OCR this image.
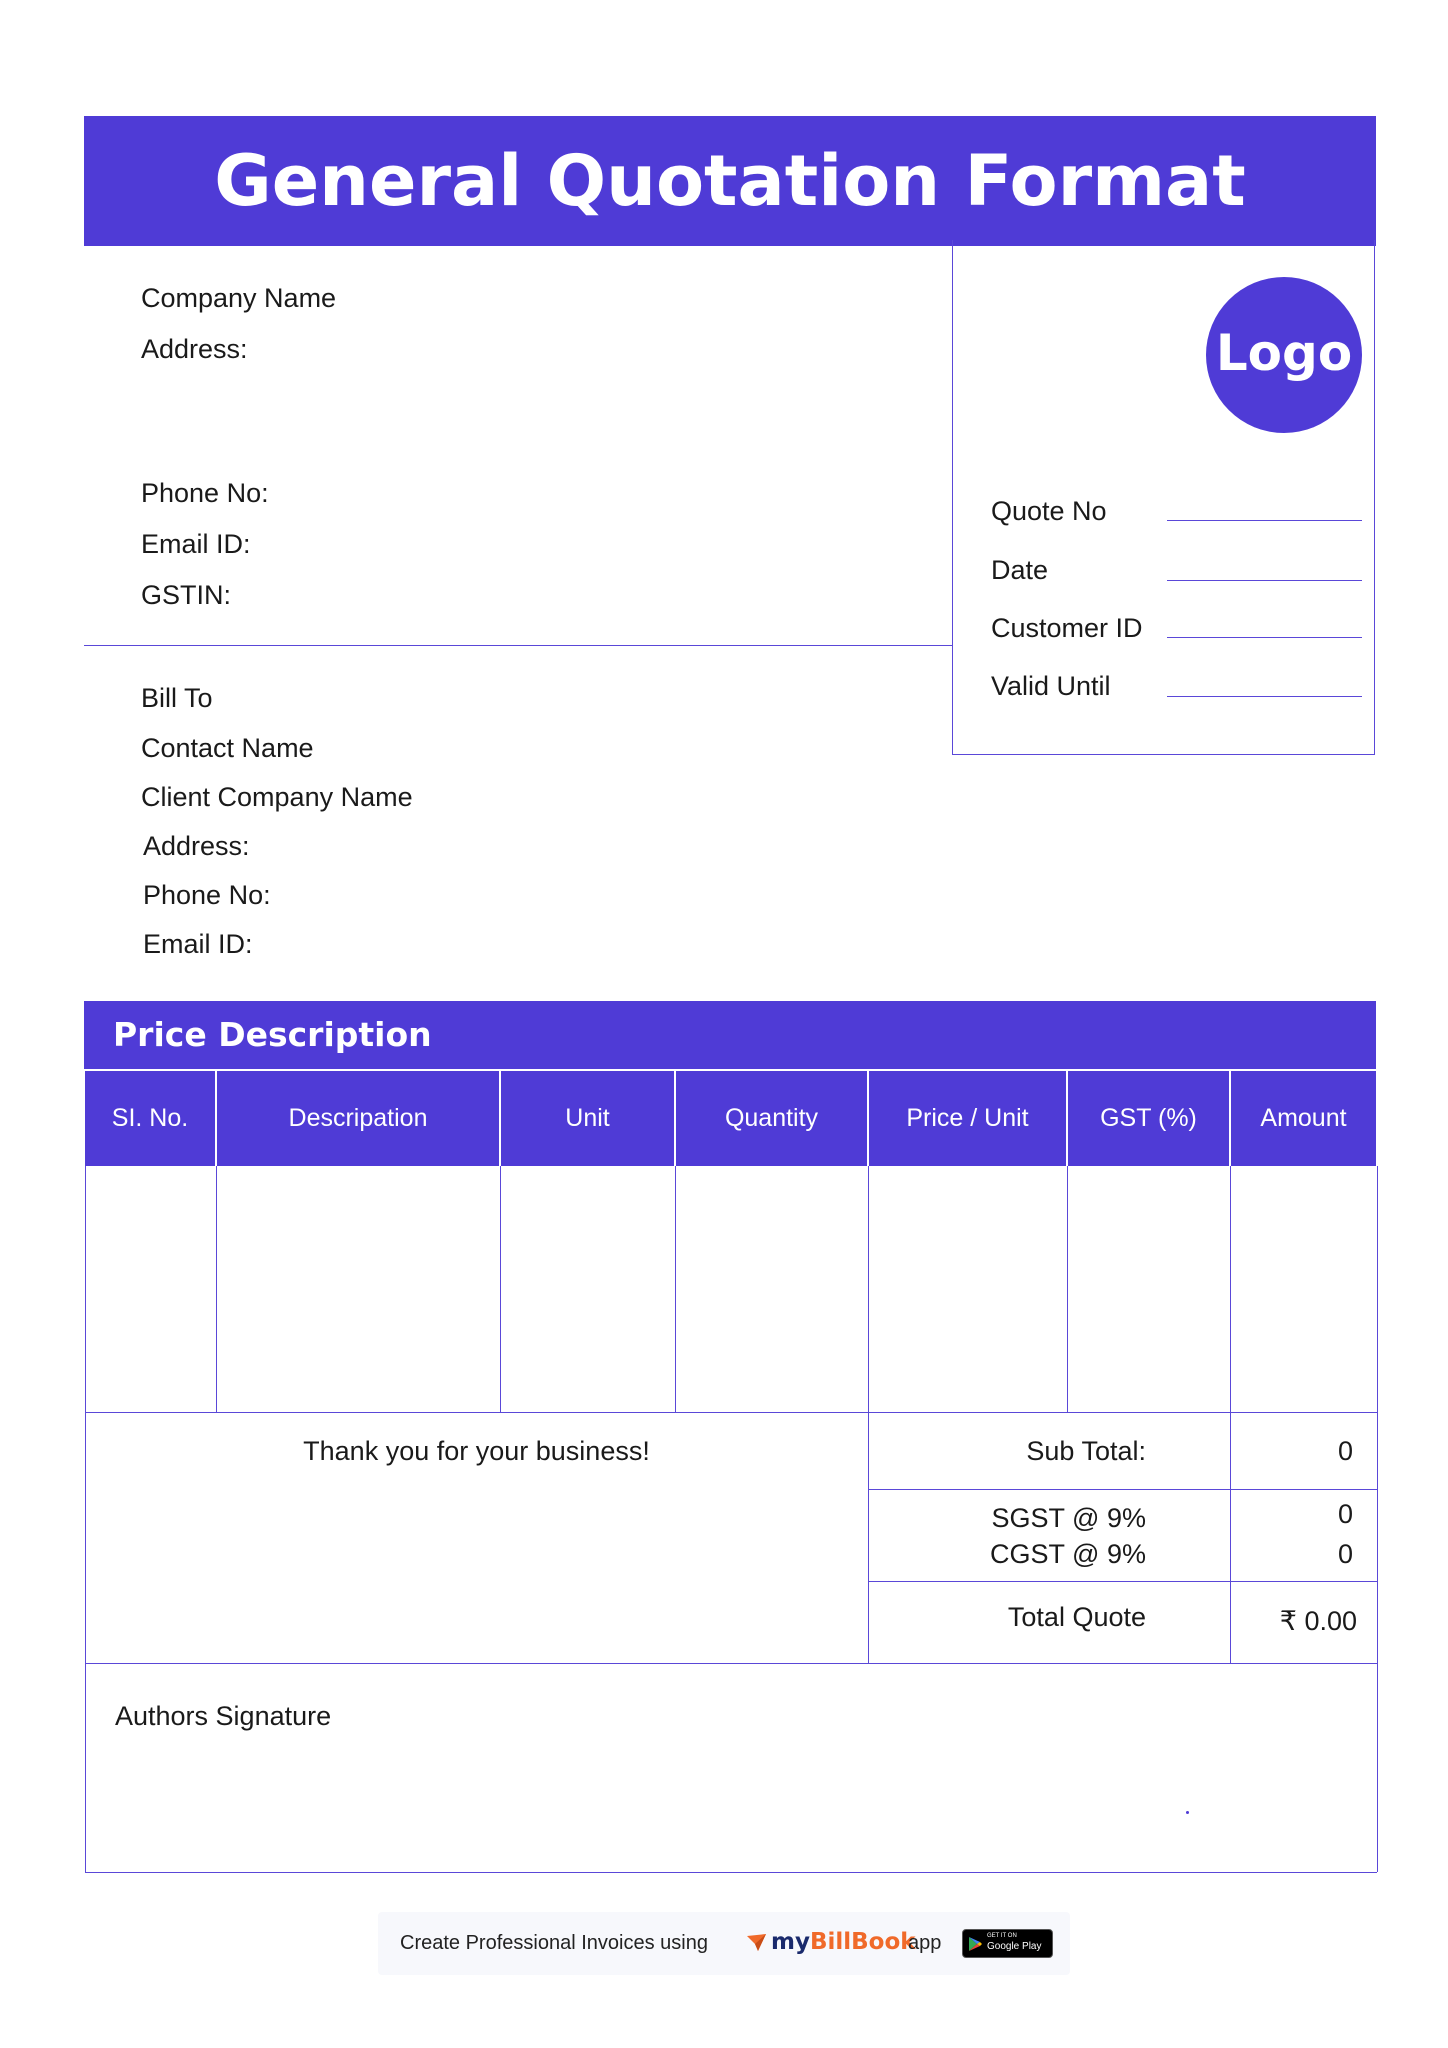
General Quotation Format
Company Name
Address:
Phone No:
Email ID:
GSTIN:
Logo
Quote No
Date
Customer ID
Valid Until
Bill To
Contact Name
Client Company Name
Address:
Phone No:
Email ID:
Price Description
SI. No.	Descripation	Unit	Quantity	Price / Unit	GST (%)	Amount
Thank you for your business!	Sub Total:	0
SGST @ 9%	0
CGST @ 9%	0
Total Quote	₹ 0.00
Authors Signature
Create Professional Invoices using	myBillBook
app	GET IT ON
Google Play
